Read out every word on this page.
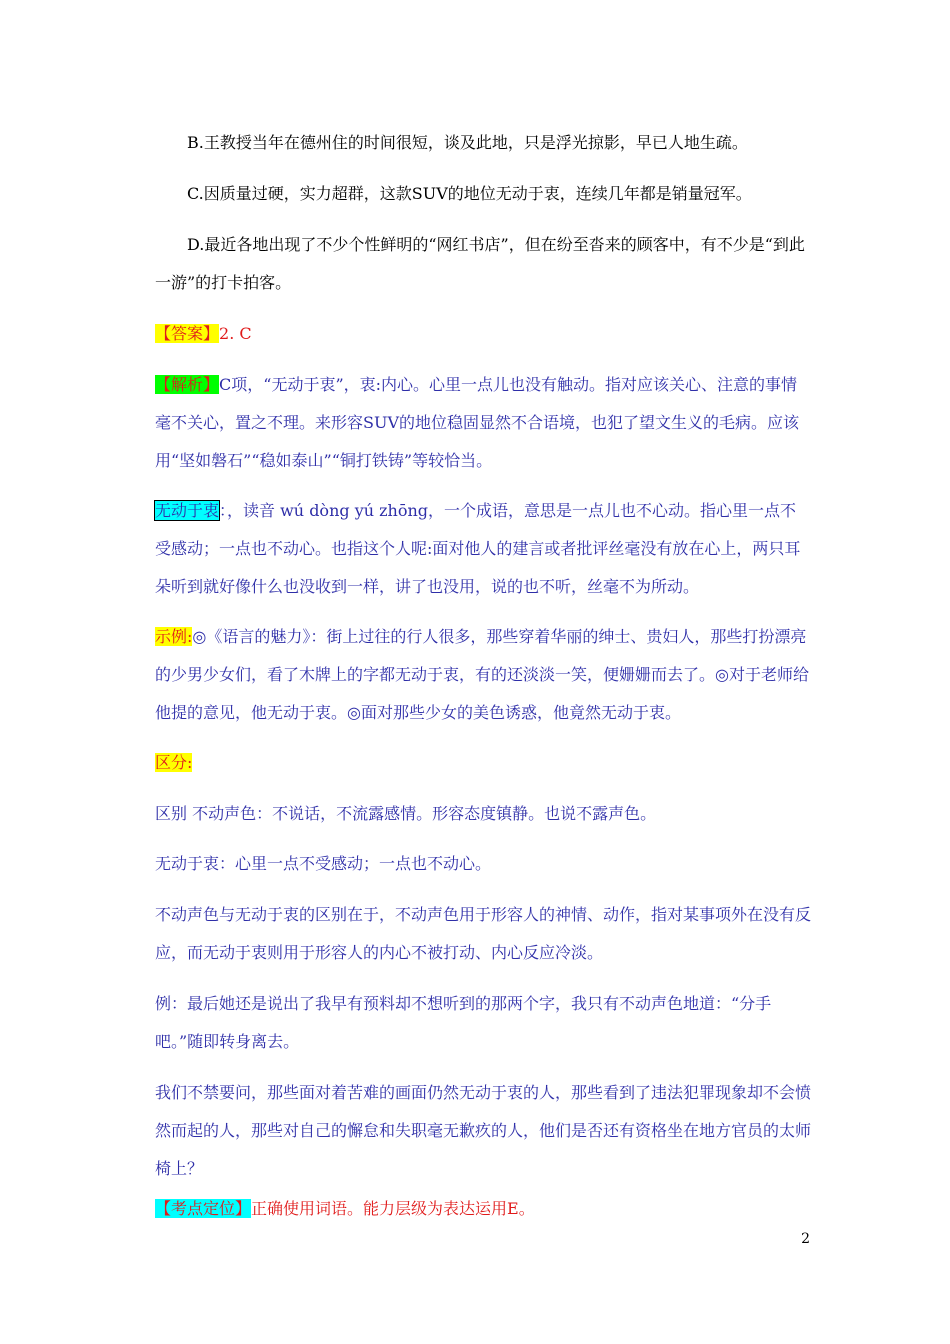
B.王教授当年在德州住的时间很短，谈及此地，只是浮光掠影，早已人地生疏。

C.因质量过硬，实力超群，这款SUV的地位无动于衷，连续几年都是销量冠军。

D.最近各地出现了不少个性鲜明的“网红书店”，但在纷至沓来的顾客中，有不少是“到此一游”的打卡拍客。

【答案】2. C

【解析】C项，“无动于衷”，衷:内心。心里一点儿也没有触动。指对应该关心、注意的事情毫不关心，置之不理。来形容SUV的地位稳固显然不合语境，也犯了望文生义的毛病。应该用“坚如磐石”“稳如泰山”“铜打铁铸”等较恰当。

无动于衷：，读音 wú dòng yú zhōng，一个成语，意思是一点儿也不心动。指心里一点不受感动；一点也不动心。也指这个人呢:面对他人的建言或者批评丝毫没有放在心上，两只耳朵听到就好像什么也没收到一样，讲了也没用，说的也不听，丝毫不为所动。

示例:◎《语言的魅力》：街上过往的行人很多，那些穿着华丽的绅士、贵妇人，那些打扮漂亮的少男少女们，看了木牌上的字都无动于衷，有的还淡淡一笑，便姗姗而去了。◎对于老师给他提的意见，他无动于衷。◎面对那些少女的美色诱惑，他竟然无动于衷。

区分:

区别 不动声色：不说话，不流露感情。形容态度镇静。也说不露声色。

无动于衷：心里一点不受感动；一点也不动心。

不动声色与无动于衷的区别在于，不动声色用于形容人的神情、动作，指对某事项外在没有反应，而无动于衷则用于形容人的内心不被打动、内心反应冷淡。

例：最后她还是说出了我早有预料却不想听到的那两个字，我只有不动声色地道：“分手吧。”随即转身离去。

我们不禁要问，那些面对着苦难的画面仍然无动于衷的人，那些看到了违法犯罪现象却不会愤然而起的人，那些对自己的懈怠和失职毫无歉疚的人，他们是否还有资格坐在地方官员的太师椅上？

【考点定位】正确使用词语。能力层级为表达运用E。

2
